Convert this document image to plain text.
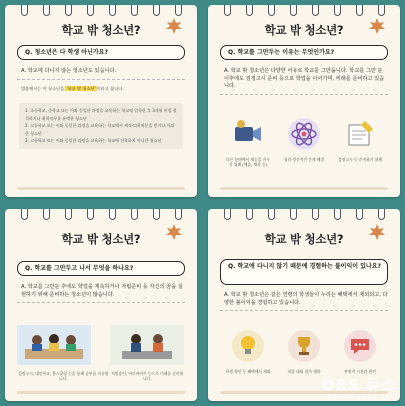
학교 밖 청소년?
Q. 청소년은 다 학생 아닌가요?
A. 학교에 다니지 않는 청소년도 있습니다.
법률에서는 이 청소년을 '학교 밖 청소년'이라고 합니다.
1. 초등학교, 중학교 또는 이와 동일한 과정을 교육하는 학교에 입학한 후 3개월 이상 결석하거나 취학의무를 유예한 청소년
2. 고등학교 또는 이와 동일한 과정을 교육하는 학교에서 제적·퇴학처분을 받거나 자퇴한 청소년
3. 고등학교 또는 이와 동일한 과정을 교육하는 학교에 진학하지 아니한 청소년
학교 밖 청소년?
Q. 학교를 그만두는 이유는 무엇인가요?
A. 학교 밖 청소년은 다양한 이유로 학교를 그만둡니다. 학교를 그만 둔 이후에도 검정고시 준비 등으로 학업을 이어가며, 미래를 준비하고 있습니다.
다른 분야에서 재능을 키우기 위해 (예술, 체육 등)
심리·정신적인 문제 해결	검정고시 등 준비하기 위해
학교 밖 청소년?
Q. 학교를 그만두고 나서 무엇을 하나요?
A. 학교를 그만둔 후에도 학업을 계속하거나 자립준비 등 자신의 꿈을 실현하기 위해 준비하는 청소년이 많습니다.
검정고시, 대안학교, 홈스쿨링 등을 통해 공부를 지속합니다.
직업훈련, 아르바이트 등으로 미래를 준비합니다.
학교 밖 청소년?
Q. 학교에 다니지 않기 때문에 경험하는 불이익이 있나요?
A. 학교 밖 청소년은 같은 연령의 학생들이 누리는 혜택에서 제외되고, 다양한 불이익을 경험하고 있습니다.
학생 할인 등 혜택에서 제외	각종 대회 참가 제한	부정적 시선과 편견
OBS 뉴스
종합미디어 오비에스 방송
